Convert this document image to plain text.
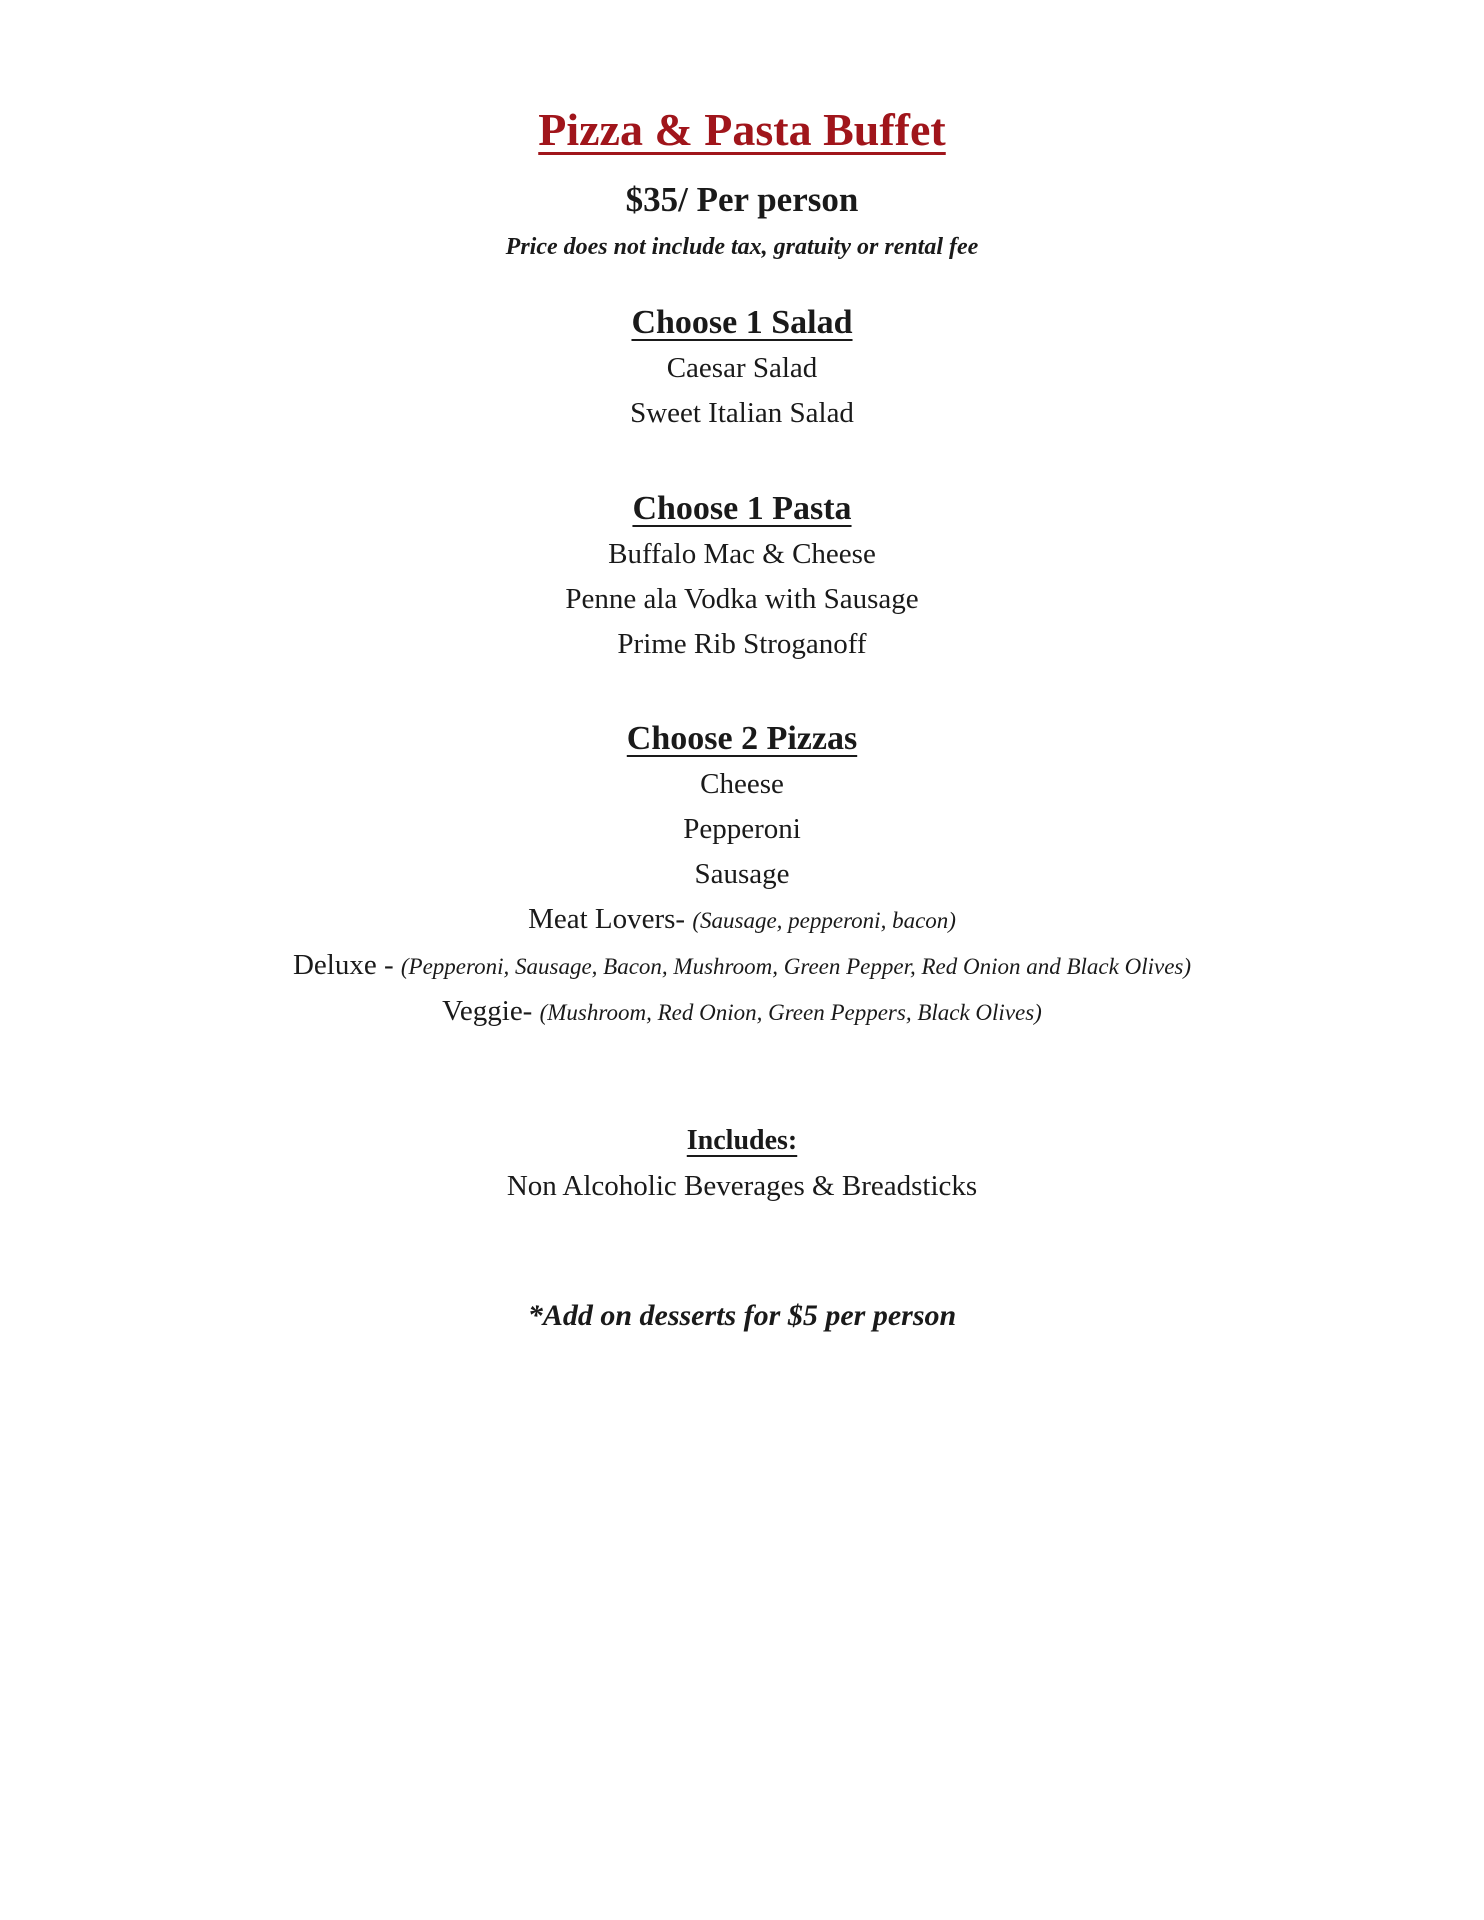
Pizza & Pasta Buffet

$35/ Per person

Price does not include tax, gratuity or rental fee

Choose 1 Salad
Caesar Salad
Sweet Italian Salad
Choose 1 Pasta
Buffalo Mac & Cheese
Penne ala Vodka with Sausage
Prime Rib Stroganoff
Choose 2 Pizzas
Cheese
Pepperoni
Sausage
Meat Lovers- (Sausage, pepperoni, bacon)
Deluxe - (Pepperoni, Sausage, Bacon, Mushroom, Green Pepper, Red Onion and Black Olives)
Veggie- (Mushroom, Red Onion, Green Peppers, Black Olives)
Includes:
Non Alcoholic Beverages & Breadsticks

*Add on desserts for $5 per person
